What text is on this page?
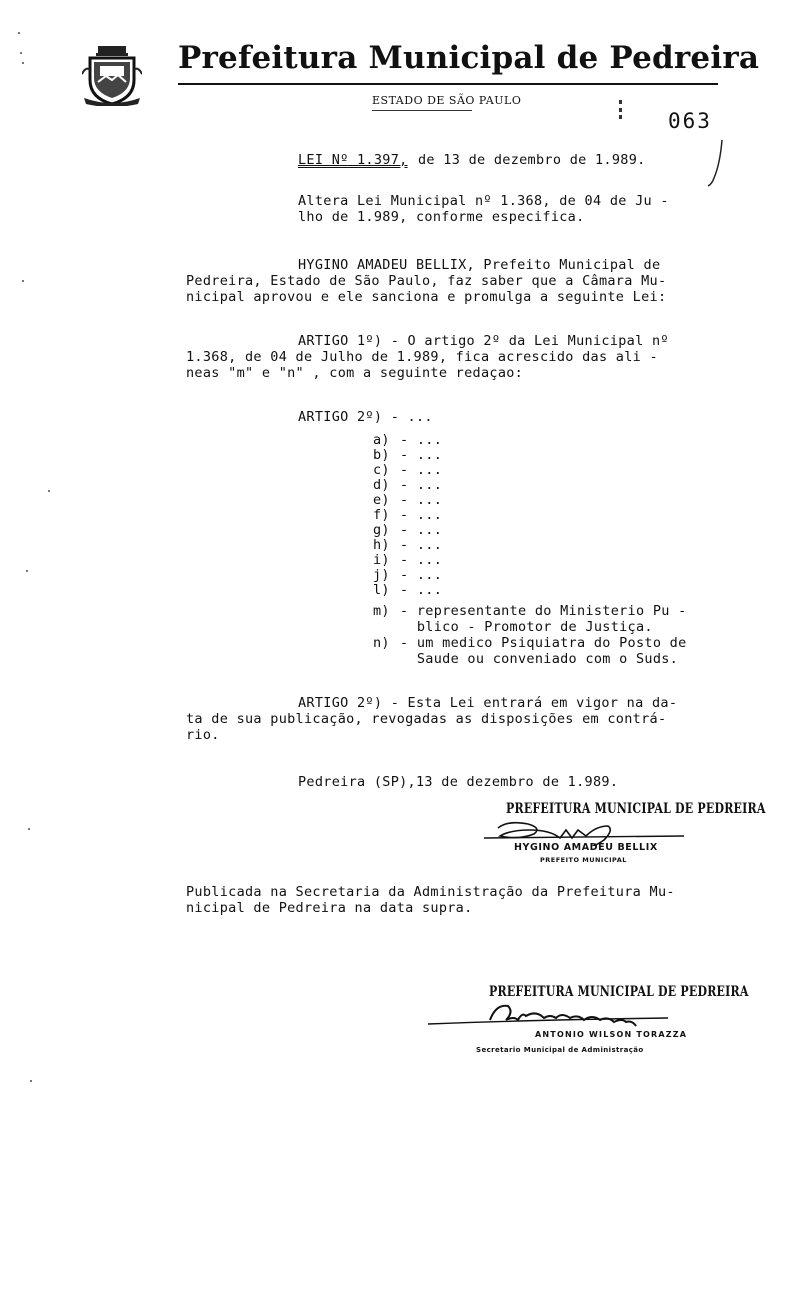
Prefeitura Municipal de Pedreira
ESTADO DE SÃO PAULO
063
LEI Nº 1.397, de 13 de dezembro de 1.989.
Altera Lei Municipal nº 1.368, de 04 de Ju -
lho de 1.989, conforme especifica.
HYGINO AMADEU BELLIX, Prefeito Municipal de
Pedreira, Estado de São Paulo, faz saber que a Câmara Mu-
nicipal aprovou e ele sanciona e promulga a seguinte Lei:
ARTIGO 1º) - O artigo 2º da Lei Municipal nº
1.368, de 04 de Julho de 1.989, fica acrescido das ali -
neas "m" e "n" , com a seguinte redaçao:
ARTIGO 2º) - ...
a) - ...
b) - ...
c) - ...
d) - ...
e) - ...
f) - ...
g) - ...
h) - ...
i) - ...
j) - ...
l) - ...
m) - representante do Ministerio Pu -
blico - Promotor de Justiça.
n) - um medico Psiquiatra do Posto de
Saude ou conveniado com o Suds.
ARTIGO 2º) - Esta Lei entrará em vigor na da-
ta de sua publicação, revogadas as disposições em contrá-
rio.
Pedreira (SP),13 de dezembro de 1.989.
PREFEITURA MUNICIPAL DE PEDREIRA
HYGINO AMADEU BELLIX
PREFEITO MUNICIPAL
Publicada na Secretaria da Administração da Prefeitura Mu-
nicipal de Pedreira na data supra.
PREFEITURA MUNICIPAL DE PEDREIRA
ANTONIO WILSON TORAZZA
Secretario Municipal de Administração
